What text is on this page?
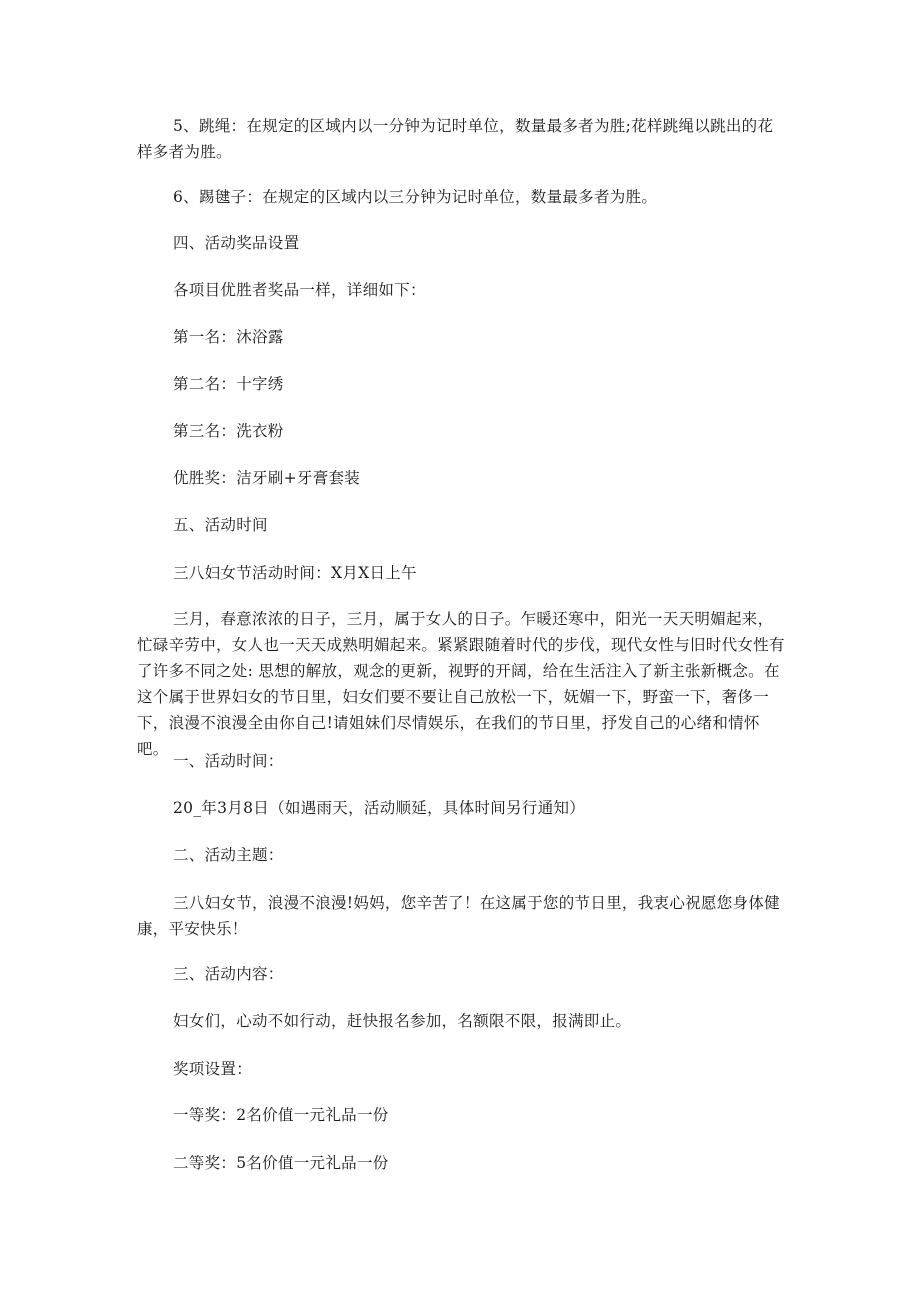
5、跳绳：在规定的区域内以一分钟为记时单位，数量最多者为胜;花样跳绳以跳出的花样多者为胜。

6、踢毽子：在规定的区域内以三分钟为记时单位，数量最多者为胜。

四、活动奖品设置

各项目优胜者奖品一样，详细如下：

第一名：沐浴露

第二名：十字绣

第三名：洗衣粉

优胜奖：洁牙刷+牙膏套装

五、活动时间

三八妇女节活动时间：X月X日上午

三月，春意浓浓的日子，三月，属于女人的日子。乍暖还寒中，阳光一天天明媚起来，忙碌辛劳中，女人也一天天成熟明媚起来。紧紧跟随着时代的步伐，现代女性与旧时代女性有了许多不同之处: 思想的解放，观念的更新，视野的开阔，给在生活注入了新主张新概念。在这个属于世界妇女的节日里，妇女们要不要让自己放松一下，妩媚一下，野蛮一下，奢侈一下，浪漫不浪漫全由你自己!请姐妹们尽情娱乐，在我们的节日里，抒发自己的心绪和情怀吧。

一、活动时间：

20_年3月8日（如遇雨天，活动顺延，具体时间另行通知）

二、活动主题：

三八妇女节，浪漫不浪漫!妈妈，您辛苦了！在这属于您的节日里，我衷心祝愿您身体健康，平安快乐！

三、活动内容：

妇女们，心动不如行动，赶快报名参加，名额限不限，报满即止。

奖项设置：

一等奖：2名价值一元礼品一份

二等奖：5名价值一元礼品一份
